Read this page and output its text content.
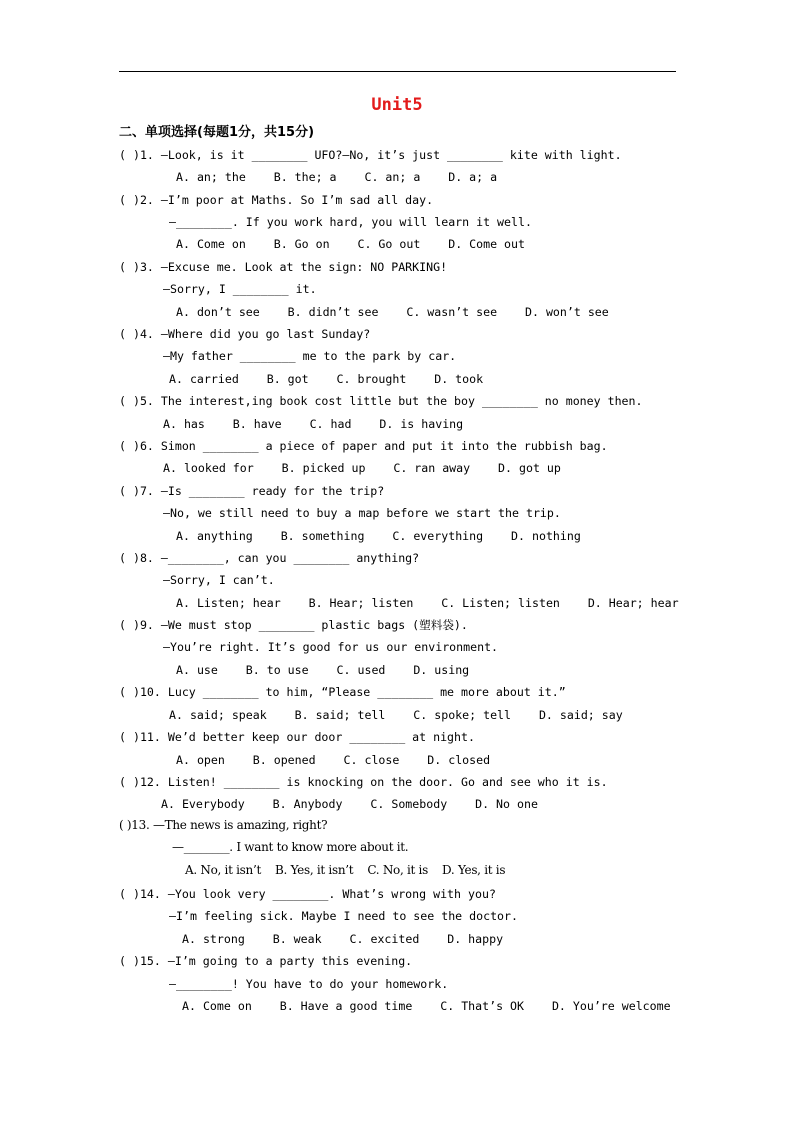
Unit5
二、单项选择(每题1分，共15分)
( )1. —Look, is it ________ UFO?—No, it’s just ________ kite with light.
A. an; the    B. the; a    C. an; a    D. a; a
( )2. —I’m poor at Maths. So I’m sad all day.
—________. If you work hard, you will learn it well.
A. Come on    B. Go on    C. Go out    D. Come out
( )3. —Excuse me. Look at the sign: NO PARKING!
—Sorry, I ________ it.
A. don’t see    B. didn’t see    C. wasn’t see    D. won’t see
( )4. —Where did you go last Sunday?
—My father ________ me to the park by car.
A. carried    B. got    C. brought    D. took
( )5. The interest,ing book cost little but the boy ________ no money then.
A. has    B. have    C. had    D. is having
( )6. Simon ________ a piece of paper and put it into the rubbish bag.
A. looked for    B. picked up    C. ran away    D. got up
( )7. —Is ________ ready for the trip?
—No, we still need to buy a map before we start the trip.
A. anything    B. something    C. everything    D. nothing
( )8. —________, can you ________ anything?
—Sorry, I can’t.
A. Listen; hear    B. Hear; listen    C. Listen; listen    D. Hear; hear
( )9. —We must stop ________ plastic bags (塑料袋).
—You’re right. It’s good for us our environment.
A. use    B. to use    C. used    D. using
( )10. Lucy ________ to him, “Please ________ me more about it.”
A. said; speak    B. said; tell    C. spoke; tell    D. said; say
( )11. We’d better keep our door ________ at night.
A. open    B. opened    C. close    D. closed
( )12. Listen! ________ is knocking on the door. Go and see who it is.
A. Everybody    B. Anybody    C. Somebody    D. No one
( )13. —The news is amazing, right?
—________. I want to know more about it.
A. No, it isn’t    B. Yes, it isn’t    C. No, it is    D. Yes, it is
( )14. —You look very ________. What’s wrong with you?
—I’m feeling sick. Maybe I need to see the doctor.
A. strong    B. weak    C. excited    D. happy
( )15. —I’m going to a party this evening.
—________! You have to do your homework.
A. Come on    B. Have a good time    C. That’s OK    D. You’re welcome
